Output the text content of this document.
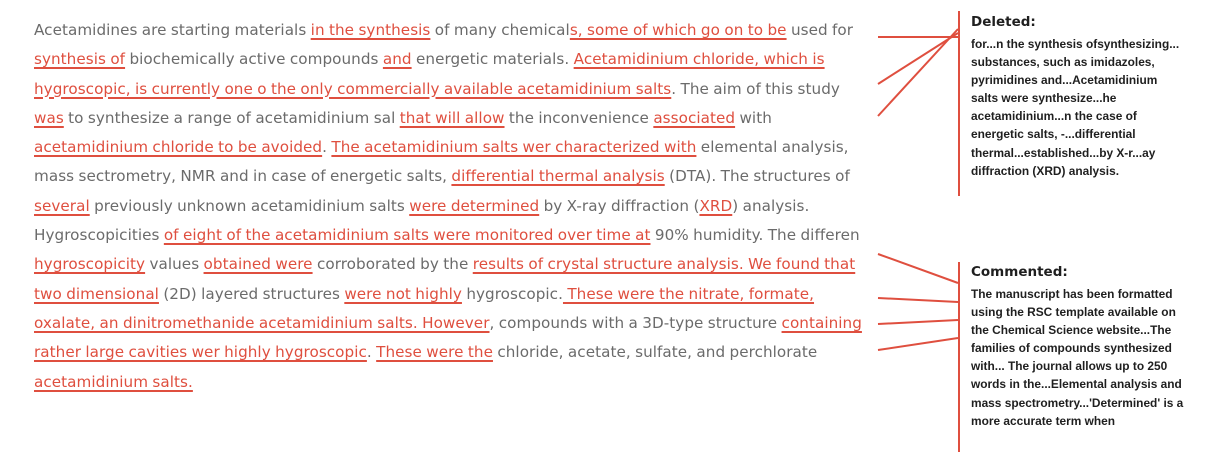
Acetamidines are starting materials in the synthesis of many chemicals, some of which go on to be used for synthesis of biochemically active compounds and energetic materials. Acetamidinium chloride, which is hygroscopic, is currently one o the only commercially available acetamidinium salts. The aim of this study was to synthesize a range of acetamidinium sal that will allow the inconvenience associated with acetamidinium chloride to be avoided. The acetamidinium salts wer characterized with elemental analysis, mass sectrometry, NMR and in case of energetic salts, differential thermal analysis (DTA). The structures of several previously unknown acetamidinium salts were determined by X-ray diffraction (XRD) analysis. Hygroscopicities of eight of the acetamidinium salts were monitored over time at 90% humidity. The differen hygroscopicity values obtained were corroborated by the results of crystal structure analysis. We found that two dimensional (2D) layered structures were not highly hygroscopic. These were the nitrate, formate, oxalate, an dinitromethanide acetamidinium salts. However, compounds with a 3D-type structure containing rather large cavities wer highly hygroscopic. These were the chloride, acetate, sulfate, and perchlorate acetamidinium salts.

Deleted:
for...n the synthesis ofsynthesizing... substances, such as imidazoles, pyrimidines and...Acetamidinium salts were synthesize...he acetamidinium...n the case of energetic salts, -...differential thermal...established...by X-r...ay diffraction (XRD) analysis.
Commented:
The manuscript has been formatted using the RSC template available on the Chemical Science website...The families of compounds synthesized with... The journal allows up to 250 words in the...Elemental analysis and mass spectrometry...'Determined' is a more accurate term when
